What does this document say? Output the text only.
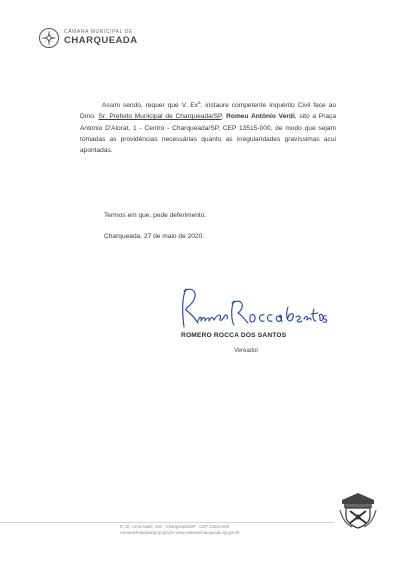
CÂMARA MUNICIPAL DE
CHARQUEADA

Assim sendo, requer que V. Ex$^a$. instaure competente Inquérito Civil face ao Dmo. Sr. Prefeito Municipal de Charqueada/SP, Romeu Antônio Verdi, sito a Praça Antonio D'Alorat, 1 - Centro - Charqueada/SP, CEP 13515-000, de modo que sejam tomadas as providências necessárias quanto as irregularidades gravíssimas acui apontadas.

Termos em que, pede deferimento.

Charqueada, 27 de maio de 2020.

ROMERO ROCCA DOS SANTOS
Vereador
R. Dr. Lima Avaré, 101 - Charqueada/SP - CEP 13515-000
camaracharqueada.sp.gov.br www.camaracharqueada.sp.gov.br
